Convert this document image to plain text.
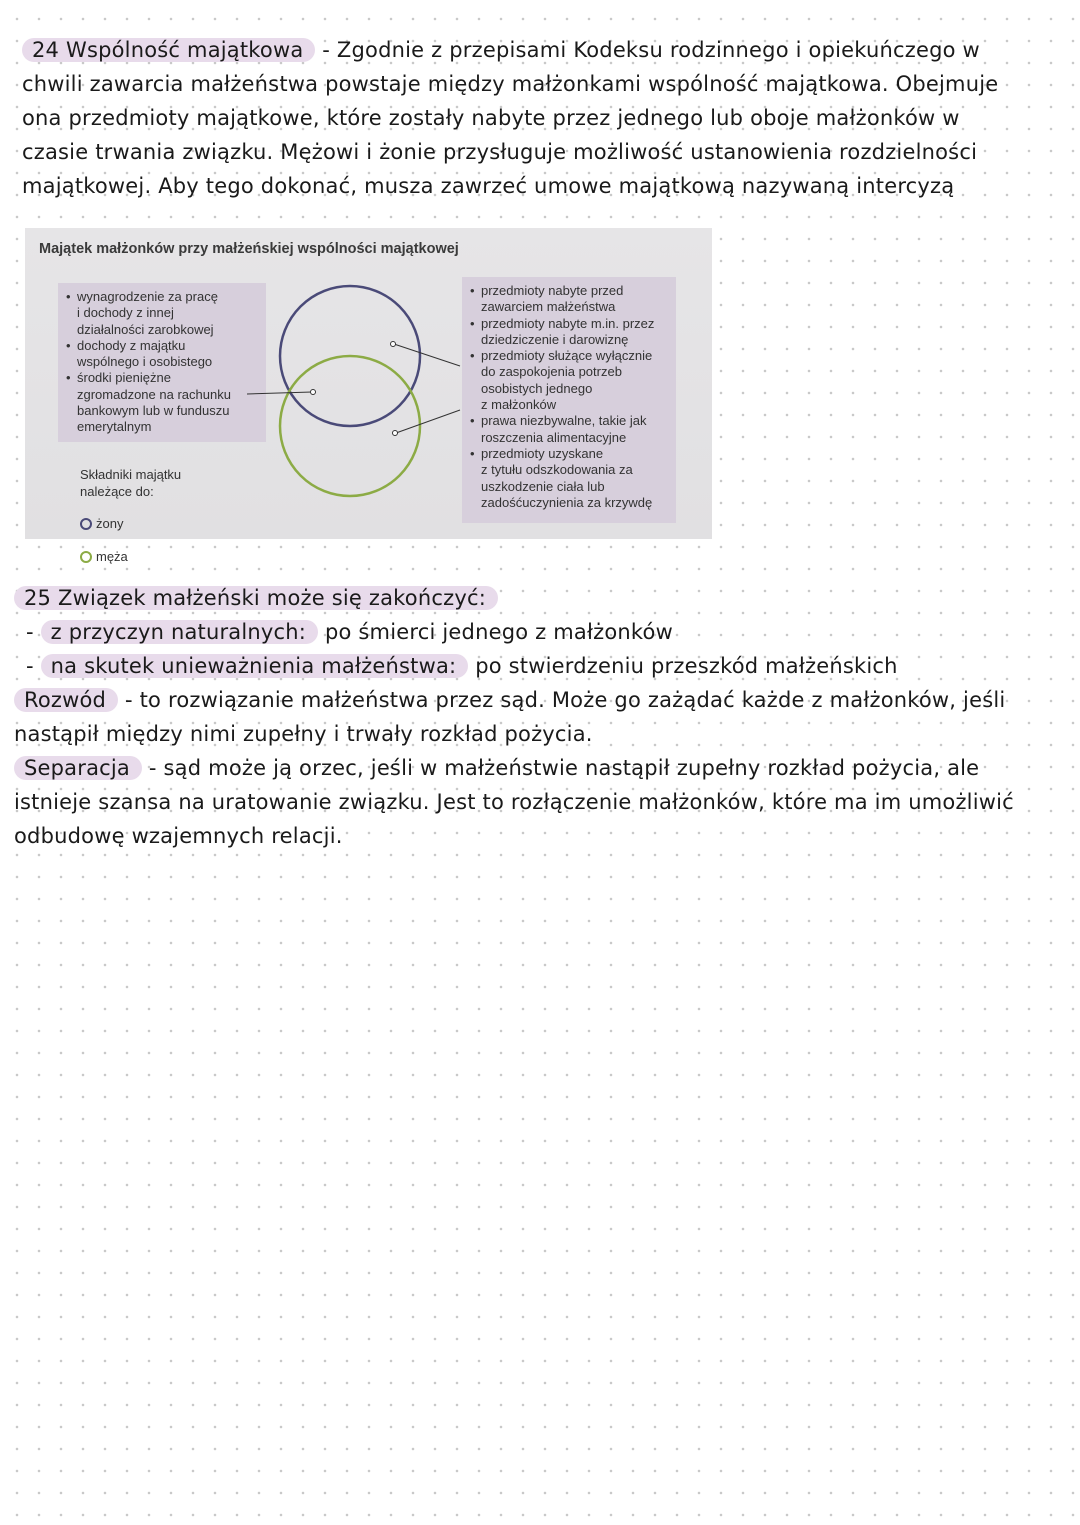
24 Wspólność majątkowa - Zgodnie z przepisami Kodeksu rodzinnego i opiekuńczego w
chwili zawarcia małżeństwa powstaje między małżonkami wspólność majątkowa. Obejmuje
ona przedmioty majątkowe, które zostały nabyte przez jednego lub oboje małżonków w
czasie trwania związku. Mężowi i żonie przysługuje możliwość ustanowienia rozdzielności
majątkowej. Aby tego dokonać, musza zawrzeć umowe majątkową nazywaną intercyzą
Majątek małżonków przy małżeńskiej wspólności majątkowej
• wynagrodzenie za pracę
i dochody z innej
działalności zarobkowej
• dochody z majątku
wspólnego i osobistego
• środki pieniężne
zgromadzone na rachunku
bankowym lub w funduszu
emerytalnym
• przedmioty nabyte przed
zawarciem małżeństwa
• przedmioty nabyte m.in. przez
dziedziczenie i darowiznę
• przedmioty służące wyłącznie
do zaspokojenia potrzeb
osobistych jednego
z małżonków
• prawa niezbywalne, takie jak
roszczenia alimentacyjne
• przedmioty uzyskane
z tytułu odszkodowania za
uszkodzenie ciała lub
zadośćuczynienia za krzywdę

Składniki majątku
należące do:

żony

męża

25 Związek małżeński może się zakończyć:
- z przyczyn naturalnych: po śmierci jednego z małżonków
- na skutek unieważnienia małżeństwa: po stwierdzeniu przeszkód małżeńskich
Rozwód - to rozwiązanie małżeństwa przez sąd. Może go zażądać każde z małżonków, jeśli
nastąpił między nimi zupełny i trwały rozkład pożycia.
Separacja - sąd może ją orzec, jeśli w małżeństwie nastąpił zupełny rozkład pożycia, ale
istnieje szansa na uratowanie związku. Jest to rozłączenie małżonków, które ma im umożliwić
odbudowę wzajemnych relacji.
